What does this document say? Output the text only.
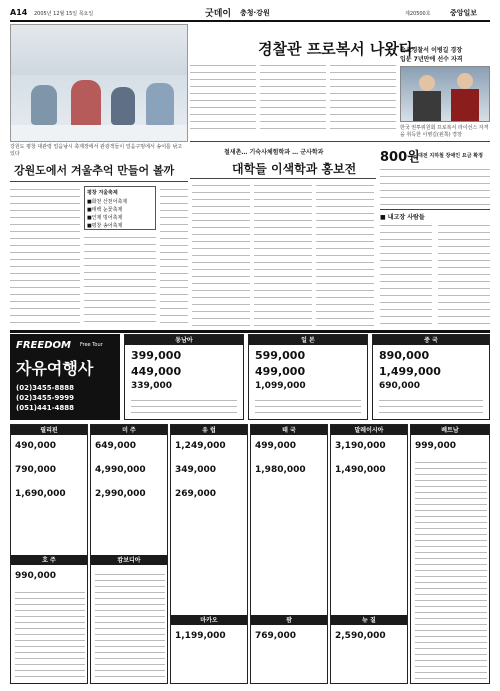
A14 2005년 12월 15일 목요일	굿데이 충청·강원	제20500호	중앙일보
강원도 평창 대관령 얼음낚시 축제장에서 관광객들이 얼음구멍에서 송어를 낚고 있다
경찰관 프로복서 나왔다
속초경찰서 이병길 경장
입문 7년만에 선수 자격
한국 권투위원회 프로복서 라이선스 자격을 취득한 이병길(왼쪽) 경장
강원도에서 겨울추억 만들어 볼까
평창 겨울축제
■화천 산천어축제
■태백 눈꽃축제
■인제 빙어축제
■평창 송어축제
철새촌… 기숙사체험학과 … 군사학과
대학들 이색학과 홍보전
800원
대전 지하철 장애인 요금 확정
■ 내고장 사람들
FREEDOM
자유여행사
Free Tour
(02)3455-8888
(02)3455-9999
(051)441-4888
동남아
399,000
449,000
339,000
일 본
599,000
499,000
1,099,000
중 국
890,000
1,499,000
690,000
필리핀
490,000
790,000
1,690,000
호 주
990,000
미 주
649,000
4,990,000
2,990,000
캄보디아
유 럽
1,249,000
349,000
269,000
마카오
1,199,000
태 국
499,000
1,980,000
괌
769,000
말레이시아
3,190,000
1,490,000
뉴 질
2,590,000
베트남
999,000
